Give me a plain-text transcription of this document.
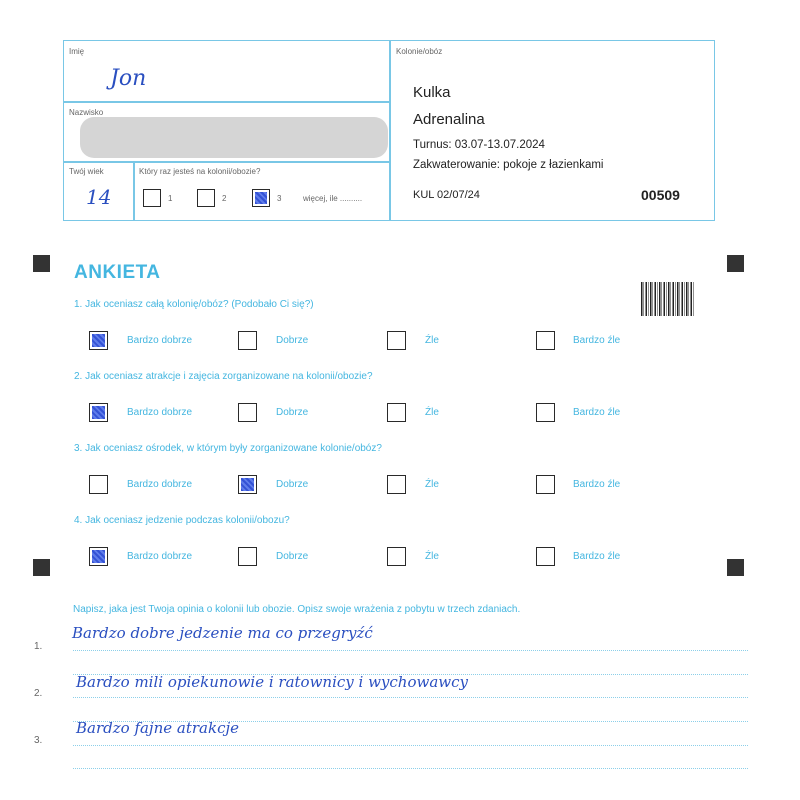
Imię
Jon
Nazwisko
Twój wiek
14
Który raz jesteś na kolonii/obozie?
1	2	3	więcej, ile ..........
Kolonie/obóz
Kulka
Adrenalina
Turnus: 03.07-13.07.2024
Zakwaterowanie: pokoje z łazienkami
KUL 02/07/24	00509
ANKIETA
1. Jak oceniasz całą kolonię/obóz? (Podobało Ci się?)
Bardzo dobrze	Dobrze	Źle	Bardzo źle
2. Jak oceniasz atrakcje i zajęcia zorganizowane na kolonii/obozie?
Bardzo dobrze	Dobrze	Źle	Bardzo źle
3. Jak oceniasz ośrodek, w którym były zorganizowane kolonie/obóz?
Bardzo dobrze	Dobrze	Źle	Bardzo źle
4. Jak oceniasz jedzenie podczas kolonii/obozu?
Bardzo dobrze	Dobrze	Źle	Bardzo źle
Napisz, jaka jest Twoja opinia o kolonii lub obozie. Opisz swoje wrażenia z pobytu w trzech zdaniach.
1.
2.
3.
Bardzo dobre jedzenie ma co przegryźć
Bardzo mili opiekunowie i ratownicy i wychowawcy
Bardzo fajne atrakcje
